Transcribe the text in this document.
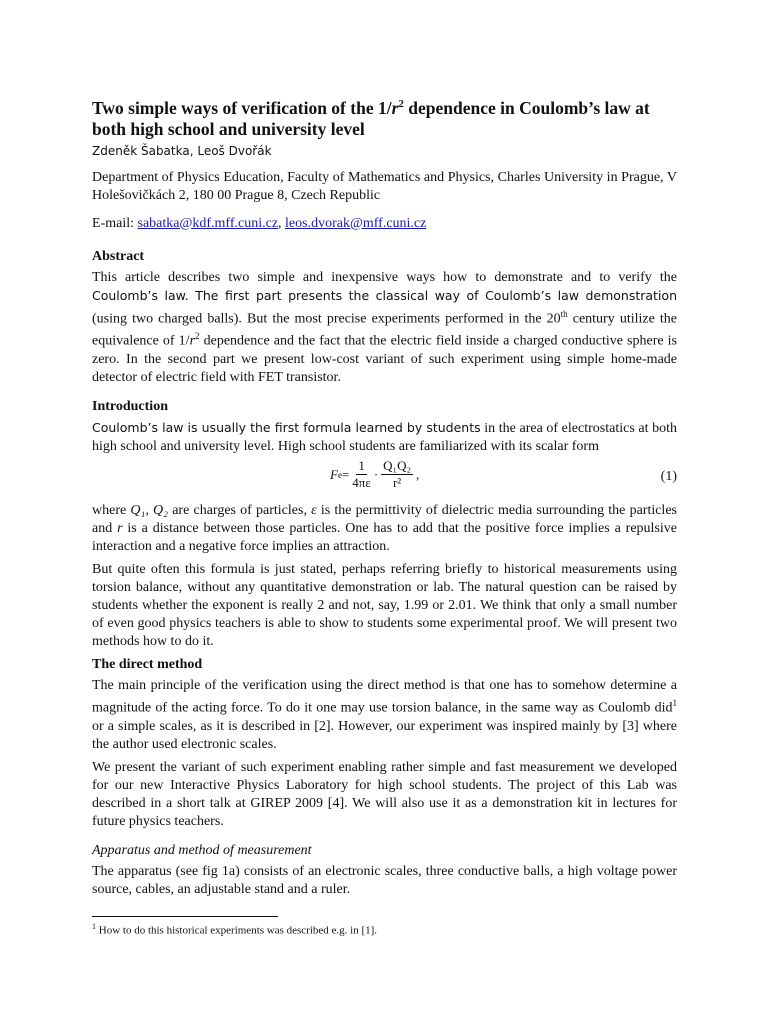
Two simple ways of verification of the $1/r^2$ dependence in Coulomb’s law at both high school and university level

Zdeněk Šabatka, Leoš Dvořák

Department of Physics Education, Faculty of Mathematics and Physics, Charles University in Prague, V Holešovičkách 2, 180 00 Prague 8, Czech Republic

E-mail: sabatka@kdf.mff.cuni.cz, leos.dvorak@mff.cuni.cz

Abstract

This article describes two simple and inexpensive ways how to demonstrate and to verify the Coulomb’s law. The first part presents the classical way of Coulomb’s law demonstration (using two charged balls). But the most precise experiments performed in the 20th century utilize the equivalence of $1/r^2$ dependence and the fact that the electric field inside a charged conductive sphere is zero. In the second part we present low-cost variant of such experiment using simple home-made detector of electric field with FET transistor.

Introduction

Coulomb’s law is usually the first formula learned by students in the area of electrostatics at both high school and university level. High school students are familiarized with its scalar form

F $e = \frac{1}{4\pi\varepsilon} \cdot \frac{\text{Q₁Q₂}}{\text{r²}}$ ,	(1)

where Q₁, Q₂ are charges of particles, ε is the permittivity of dielectric media surrounding the particles and r is a distance between those particles. One has to add that the positive force implies a repulsive interaction and a negative force implies an attraction.

But quite often this formula is just stated, perhaps referring briefly to historical measurements using torsion balance, without any quantitative demonstration or lab. The natural question can be raised by students whether the exponent is really 2 and not, say, 1.99 or 2.01. We think that only a small number of even good physics teachers is able to show to students some experimental proof. We will present two methods how to do it.

The direct method

The main principle of the verification using the direct method is that one has to somehow determine a magnitude of the acting force. To do it one may use torsion balance, in the same way as Coulomb did$^1$ or a simple scales, as it is described in [2]. However, our experiment was inspired mainly by [3] where the author used electronic scales.

We present the variant of such experiment enabling rather simple and fast measurement we developed for our new Interactive Physics Laboratory for high school students. The project of this Lab was described in a short talk at GIREP 2009 [4]. We will also use it as a demonstration kit in lectures for future physics teachers.

Apparatus and method of measurement

The apparatus (see fig 1a) consists of an electronic scales, three conductive balls, a high voltage power source, cables, an adjustable stand and a ruler.

$^1$ How to do this historical experiments was described e.g. in [1].
